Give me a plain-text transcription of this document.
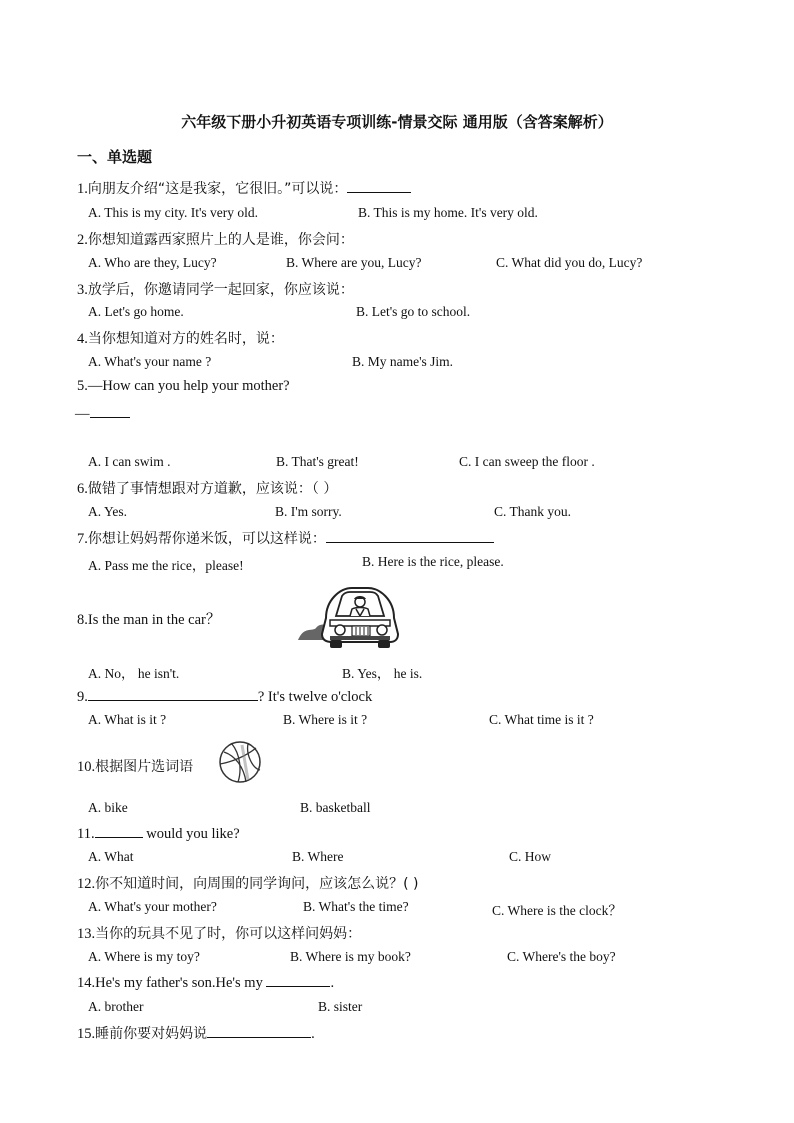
六年级下册小升初英语专项训练-情景交际 通用版（含答案解析）
一、单选题
1.向朋友介绍“这是我家，它很旧。”可以说：
A. This is my city. It's very old.	B. This is my home. It's very old.
2.你想知道露西家照片上的人是谁，你会问：
A. Who are they, Lucy?	B. Where are you, Lucy?	C. What did you do, Lucy?
3.放学后，你邀请同学一起回家，你应该说：
A. Let's go home.	B. Let's go to school.
4.当你想知道对方的姓名时，说：
A. What's your name ?	B. My name's Jim.
5.—How can you help your mother?
—
A. I can swim .	B. That's great!	C. I can sweep the floor .
6.做错了事情想跟对方道歉，应该说：（ ）
A. Yes.	B. I'm sorry.	C. Thank you.
7.你想让妈妈帮你递米饭，可以这样说：
A. Pass me the rice，please!	B. Here is the rice, please.
8.Is the man in the car？
A. No， he isn't.	B. Yes， he is.
9.	? It's twelve o'clock
A. What is it ?	B. Where is it ?	C. What time is it ?
10.根据图片选词语
A. bike	B. basketball
11.	would you like?
A. What	B. Where	C. How
12.你不知道时间，向周围的同学询问，应该怎么说？( )
A. What's your mother?	B. What's the time?	C. Where is the clock？
13.当你的玩具不见了时，你可以这样问妈妈：
A. Where is my toy?	B. Where is my book?	C. Where's the boy?
14.He's my father's son.He's my	.
A. brother	B. sister
15.睡前你要对妈妈说	.
